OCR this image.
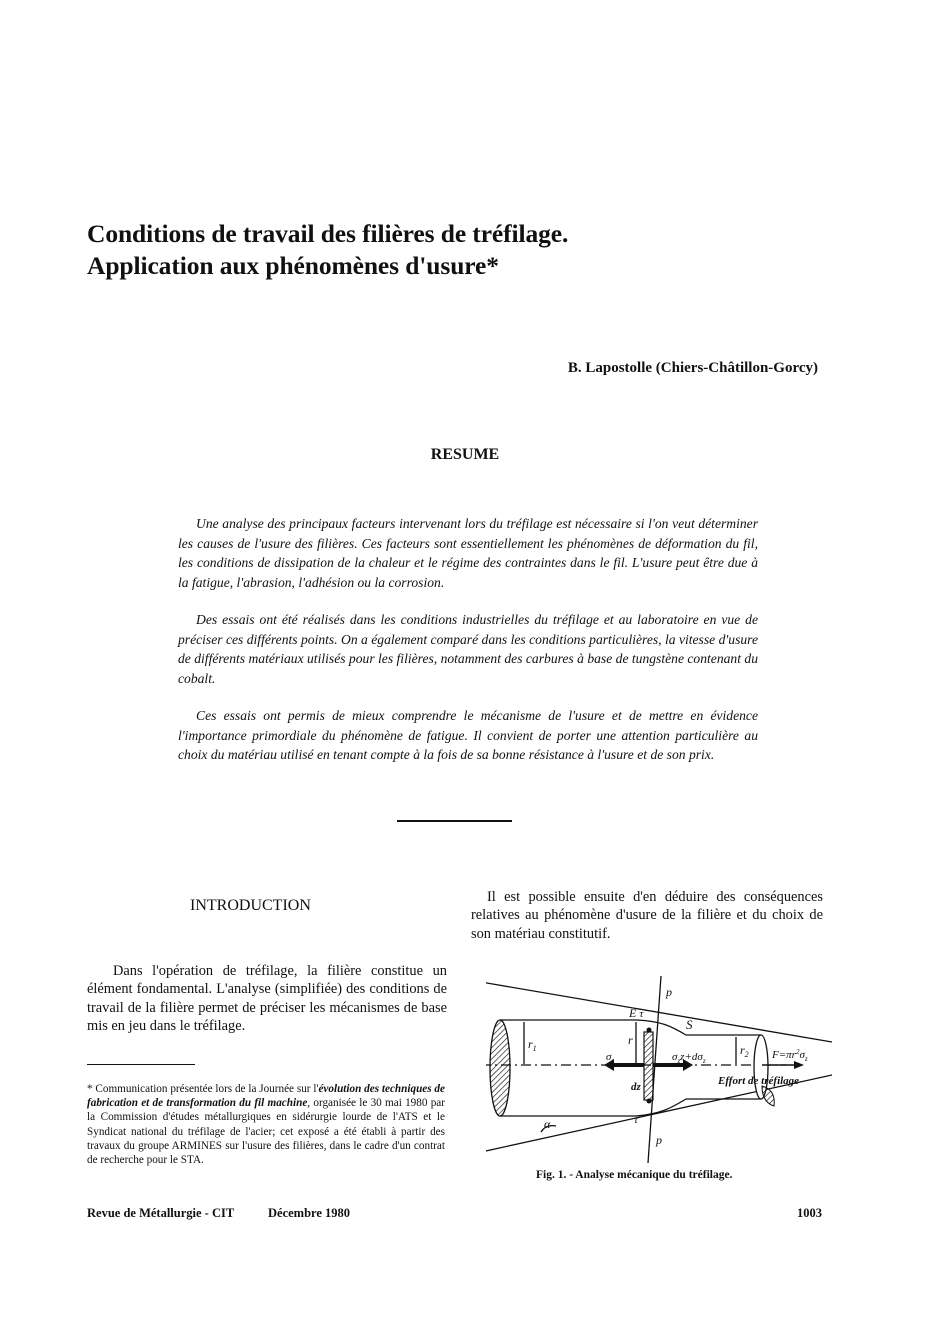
Conditions de travail des filières de tréfilage.
Application aux phénomènes d'usure*
B. Lapostolle (Chiers-Châtillon-Gorcy)
RESUME

Une analyse des principaux facteurs intervenant lors du tréfilage est nécessaire si l'on veut déterminer les causes de l'usure des filières. Ces facteurs sont essentiellement les phénomènes de déformation du fil, les conditions de dissipation de la chaleur et le régime des contraintes dans le fil. L'usure peut être due à la fatigue, l'abrasion, l'adhésion ou la corrosion.

Des essais ont été réalisés dans les conditions industrielles du tréfilage et au laboratoire en vue de préciser ces différents points. On a également comparé dans les conditions particulières, la vitesse d'usure de différents matériaux utilisés pour les filières, notamment des carbures à base de tungstène contenant du cobalt.

Ces essais ont permis de mieux comprendre le mécanisme de l'usure et de mettre en évidence l'importance primordiale du phénomène de fatigue. Il convient de porter une attention particulière au choix du matériau utilisé en tenant compte à la fois de sa bonne résistance à l'usure et de son prix.

INTRODUCTION

Dans l'opération de tréfilage, la filière constitue un élément fondamental. L'analyse (simplifiée) des conditions de travail de la filière permet de préciser les mécanismes de base mis en jeu dans le tréfilage.

Il est possible ensuite d'en déduire des conséquences relatives au phénomène d'usure de la filière et du choix de son matériau constitutif.

* Communication présentée lors de la Journée sur l'évolution des techniques de fabrication et de transformation du fil machine, organisée le 30 mai 1980 par la Commission d'études métallurgiques en sidérurgie lourde de l'ATS et le Syndicat national du tréfilage de l'acier; cet exposé a été établi à partir des travaux du groupe ARMINES sur l'usure des filières, dans le cadre d'un contrat de recherche pour le STA.

p
p
E τ
S
$r_1$
r
$r_2$
$\sigma_z$	$\sigma_zz+d\sigma_z$	$F=\pi r^2\sigma_z$
Effort de tréfilage
dz
α	τ
Fig. 1. - Analyse mécanique du tréfilage.
Revue de Métallurgie - CIT	Décembre 1980	1003
